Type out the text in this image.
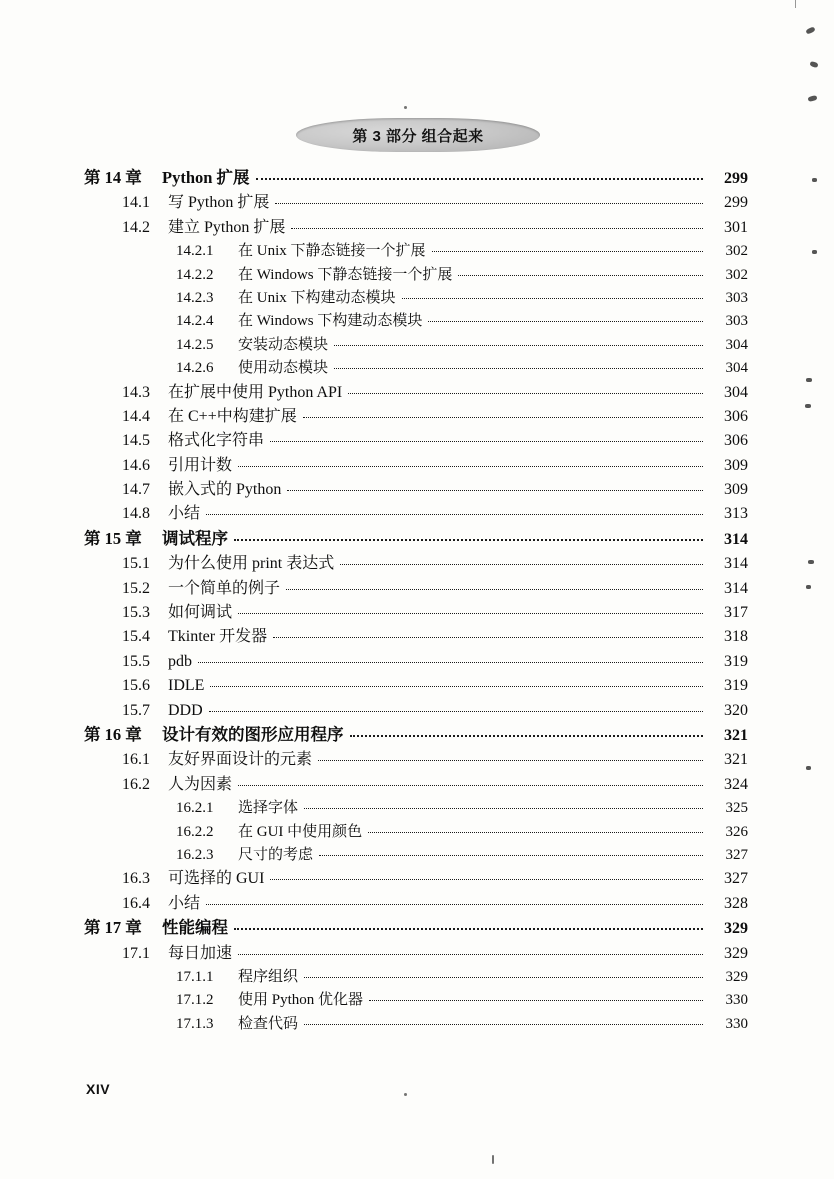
第 3 部分 组合起来
第 14 章	Python 扩展	299
14.1	写 Python 扩展	299
14.2	建立 Python 扩展	301
14.2.1	在 Unix 下静态链接一个扩展	302
14.2.2	在 Windows 下静态链接一个扩展	302
14.2.3	在 Unix 下构建动态模块	303
14.2.4	在 Windows 下构建动态模块	303
14.2.5	安装动态模块	304
14.2.6	使用动态模块	304
14.3	在扩展中使用 Python API	304
14.4	在 C++中构建扩展	306
14.5	格式化字符串	306
14.6	引用计数	309
14.7	嵌入式的 Python	309
14.8	小结	313
第 15 章	调试程序	314
15.1	为什么使用 print 表达式	314
15.2	一个简单的例子	314
15.3	如何调试	317
15.4	Tkinter 开发器	318
15.5	pdb	319
15.6	IDLE	319
15.7	DDD	320
第 16 章	设计有效的图形应用程序	321
16.1	友好界面设计的元素	321
16.2	人为因素	324
16.2.1	选择字体	325
16.2.2	在 GUI 中使用颜色	326
16.2.3	尺寸的考虑	327
16.3	可选择的 GUI	327
16.4	小结	328
第 17 章	性能编程	329
17.1	每日加速	329
17.1.1	程序组织	329
17.1.2	使用 Python 优化器	330
17.1.3	检查代码	330
XIV
